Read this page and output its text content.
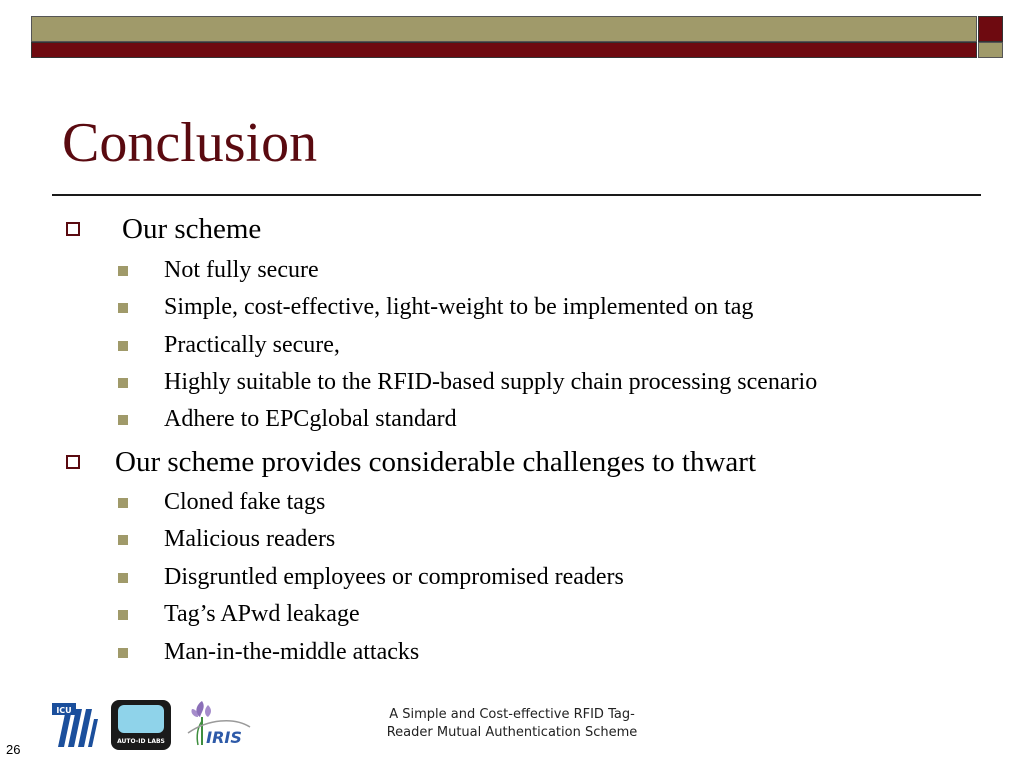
Conclusion
Our scheme
Not fully secure
Simple, cost-effective, light-weight to be implemented on tag
Practically secure,
Highly suitable to the RFID-based supply chain processing scenario
Adhere to EPCglobal standard
Our scheme provides considerable challenges to thwart
Cloned fake tags
Malicious readers
Disgruntled employees or compromised readers
Tag’s APwd leakage
Man-in-the-middle attacks
ICU
AUTO-ID LABS	IRIS
A Simple and Cost-effective RFID Tag-
Reader Mutual Authentication Scheme
26
